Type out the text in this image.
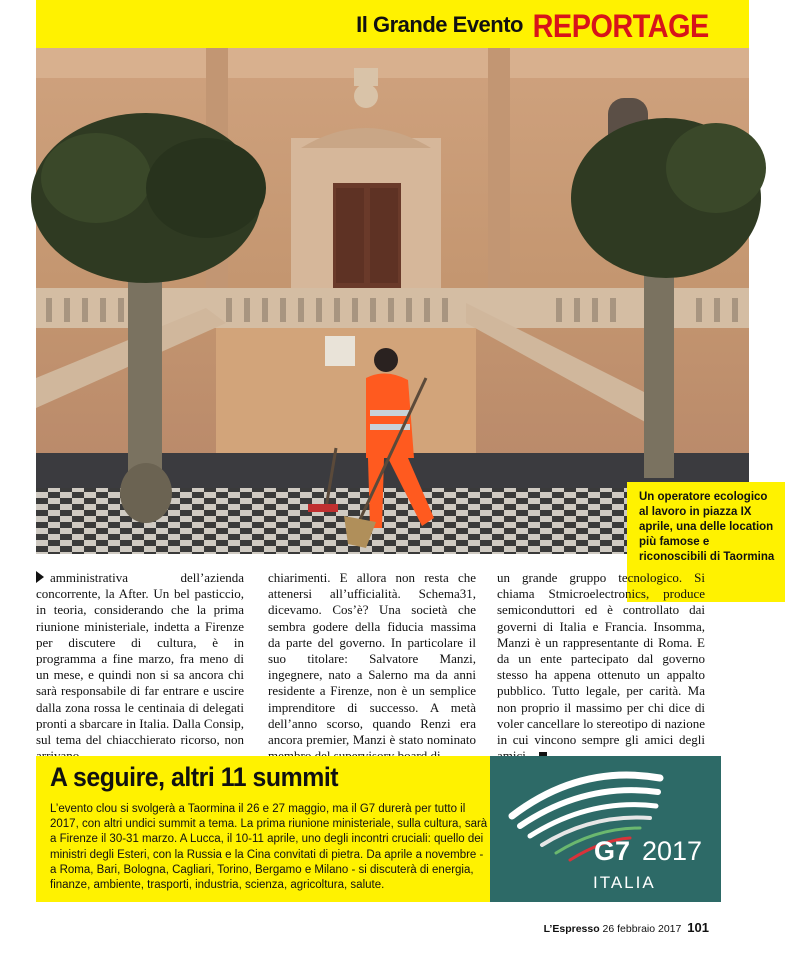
Il Grande Evento REPORTAGE
Un operatore ecologico al lavoro in piazza IX aprile, una delle location più famose e riconoscibili di Taormina
amministrativa dell’azienda concorrente, la After. Un bel pasticcio, in teoria, considerando che la prima riunione ministeriale, indetta a Firenze per discutere di cultura, è in programma a fine marzo, fra meno di un mese, e quindi non si sa ancora chi sarà responsabile di far entrare e uscire dalla zona rossa le centinaia di delegati pronti a sbarcare in Italia. Dalla Consip, sul tema del chiacchierato ricorso, non
chiarimenti. E allora non resta che attenersi all’ufficialità. Schema31, dicevamo. Cos’è? Una società che sembra godere della fiducia massima da parte del governo. In particolare il suo titolare: Salvatore Manzi, ingegnere, nato a Salerno ma da anni residente a Firenze, non è un semplice imprenditore di successo. A metà dell’anno scorso, quando Renzi era ancora premier, Manzi è stato nominato
un grande gruppo tecnologico. Si chiama Stmicroelectronics, produce semiconduttori ed è controllato dai governi di Italia e Francia. Insomma, Manzi è un rappresentante di Roma. E da un ente partecipato dal governo stesso ha appena ottenuto un appalto pubblico. Tutto legale, per carità. Ma non proprio il massimo per chi dice di voler cancellare lo stereotipo di nazione in cui vincono sempre gli amici degli
A seguire, altri 11 summit
L’evento clou si svolgerà a Taormina il 26 e 27 maggio, ma il G7 durerà per tutto il 2017, con altri undici summit a tema. La prima riunione ministeriale, sulla cultura, sarà a Firenze il 30-31 marzo. A Lucca, il 10-11 aprile, uno degli incontri cruciali: quello dei ministri degli Esteri, con la Russia e la Cina convitati di pietra. Da aprile a novembre - a Roma, Bari, Bologna, Cagliari, Torino, Bergamo e Milano - si discuterà di energia, finanze, ambiente, trasporti, industria, scienza, agricoltura, salute.
G7 2017
ITALIA
L’Espresso 26 febbraio 2017 101
